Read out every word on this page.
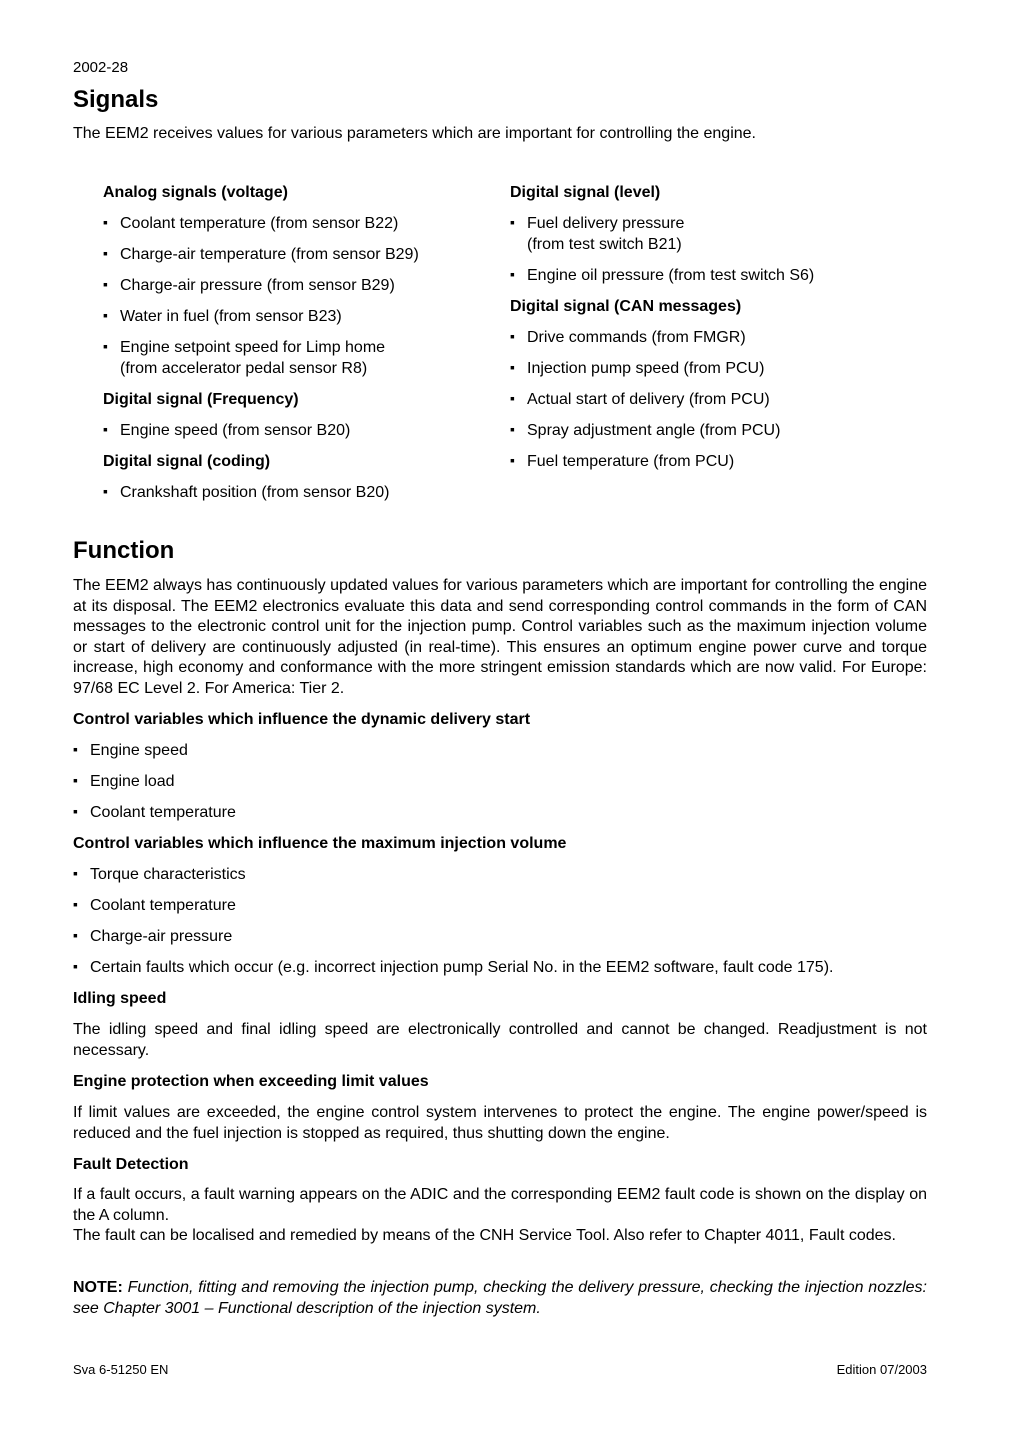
2002-28
Signals
The EEM2 receives values for various parameters which are important for controlling the engine.
Analog signals (voltage)
▪ Coolant temperature (from sensor B22)
▪ Charge-air temperature (from sensor B29)
▪ Charge-air pressure (from sensor B29)
▪ Water in fuel (from sensor B23)
▪ Engine setpoint speed for Limp home
(from accelerator pedal sensor R8)
Digital signal (Frequency)
▪ Engine speed (from sensor B20)
Digital signal (coding)
▪ Crankshaft position (from sensor B20)
Digital signal (level)
▪ Fuel delivery pressure
(from test switch B21)
▪ Engine oil pressure (from test switch S6)
Digital signal (CAN messages)
▪ Drive commands (from FMGR)
▪ Injection pump speed (from PCU)
▪ Actual start of delivery (from PCU)
▪ Spray adjustment angle (from PCU)
▪ Fuel temperature (from PCU)
Function
The EEM2 always has continuously updated values for various parameters which are important for controlling the engine at its disposal. The EEM2 electronics evaluate this data and send corresponding control commands in the form of CAN messages to the electronic control unit for the injection pump. Control variables such as the maximum injection volume or start of delivery are continuously adjusted (in real-time). This ensures an optimum engine power curve and torque increase, high economy and conformance with the more stringent emission standards which are now valid. For Europe: 97/68 EC Level 2. For America: Tier 2.
Control variables which influence the dynamic delivery start
▪ Engine speed
▪ Engine load
▪ Coolant temperature
Control variables which influence the maximum injection volume
▪ Torque characteristics
▪ Coolant temperature
▪ Charge-air pressure
▪ Certain faults which occur (e.g. incorrect injection pump Serial No. in the EEM2 software, fault code 175).
Idling speed
The idling speed and final idling speed are electronically controlled and cannot be changed. Readjustment is not necessary.
Engine protection when exceeding limit values
If limit values are exceeded, the engine control system intervenes to protect the engine. The engine power/speed is reduced and the fuel injection is stopped as required, thus shutting down the engine.
Fault Detection
If a fault occurs, a fault warning appears on the ADIC and the corresponding EEM2 fault code is shown on the display on the A column.
The fault can be localised and remedied by means of the CNH Service Tool. Also refer to Chapter 4011, Fault codes.
NOTE: Function, fitting and removing the injection pump, checking the delivery pressure, checking the injection nozzles: see Chapter 3001 – Functional description of the injection system.
Sva 6-51250 EN	Edition 07/2003
